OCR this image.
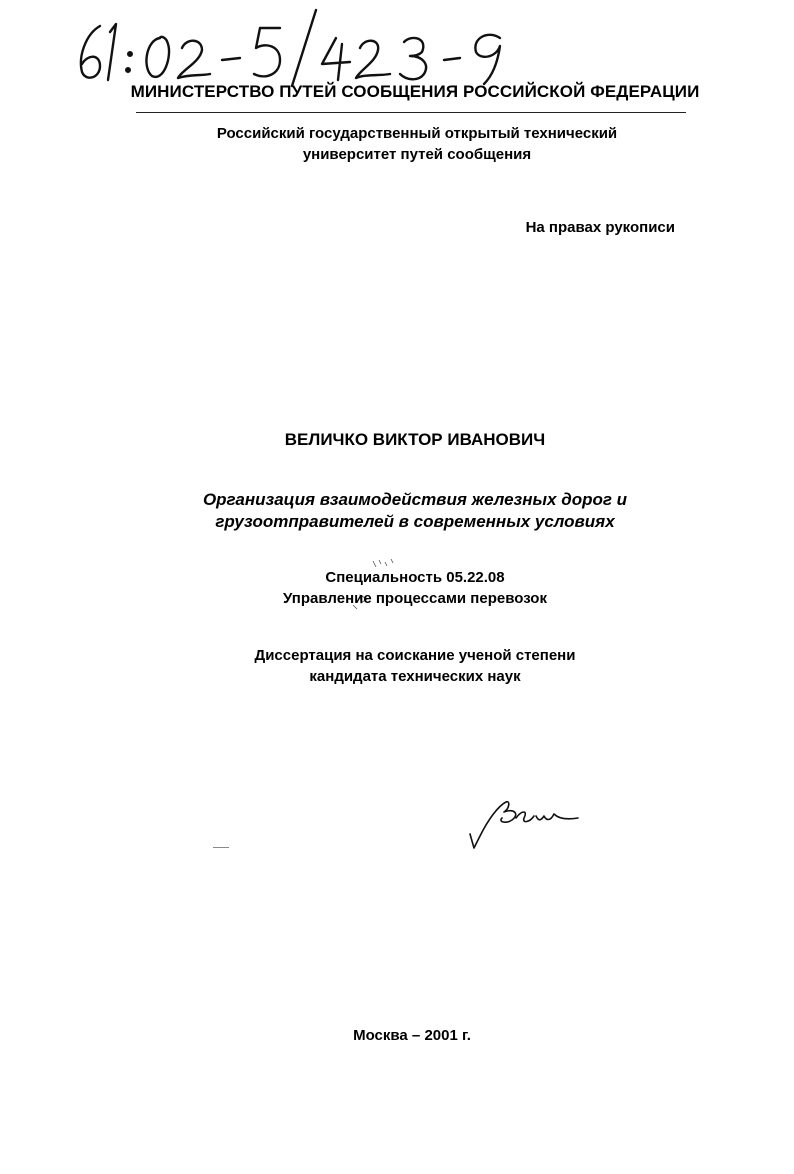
МИНИСТЕРСТВО ПУТЕЙ СООБЩЕНИЯ РОССИЙСКОЙ ФЕДЕРАЦИИ
Российский государственный открытый технический
университет путей сообщения
На правах рукописи
ВЕЛИЧКО ВИКТОР ИВАНОВИЧ
Организация взаимодействия железных дорог и
грузоотправителей в современных условиях
Специальность 05.22.08
Управление процессами перевозок
Диссертация на соискание ученой степени
кандидата технических наук
Москва – 2001 г.
